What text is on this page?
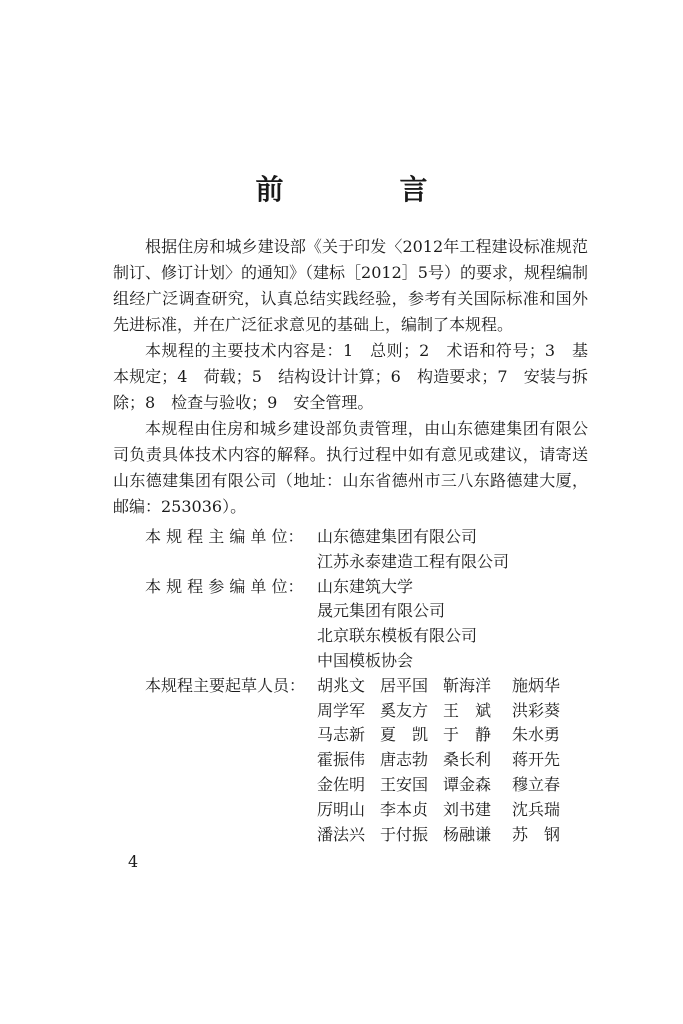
前　言

根据住房和城乡建设部《关于印发〈2012年工程建设标准规范制订、修订计划〉的通知》（建标［2012］5号）的要求，规程编制组经广泛调查研究，认真总结实践经验，参考有关国际标准和国外先进标准，并在广泛征求意见的基础上，编制了本规程。

本规程的主要技术内容是：1　总则；2　术语和符号；3　基本规定；4　荷载；5　结构设计计算；6　构造要求；7　安装与拆除；8　检查与验收；9　安全管理。

本规程由住房和城乡建设部负责管理，由山东德建集团有限公司负责具体技术内容的解释。执行过程中如有意见或建议，请寄送山东德建集团有限公司（地址：山东省德州市三八东路德建大厦，邮编：253036）。

本 规 程 主 编 单 位： 山东德建集团有限公司
江苏永泰建造工程有限公司
本 规 程 参 编 单 位： 山东建筑大学
晟元集团有限公司
北京联东模板有限公司
中国模板协会
本规程主要起草人员： 胡兆文 居平国 靳海洋	施炳华
周学军 奚友方 王　斌	洪彩葵
马志新 夏　凯 于　静	朱水勇
霍振伟 唐志勃 桑长利	蒋开先
金佐明 王安国 谭金森	穆立春
厉明山 李本贞 刘书建	沈兵瑞
潘法兴 于付振 杨融谦	苏　钢
4
